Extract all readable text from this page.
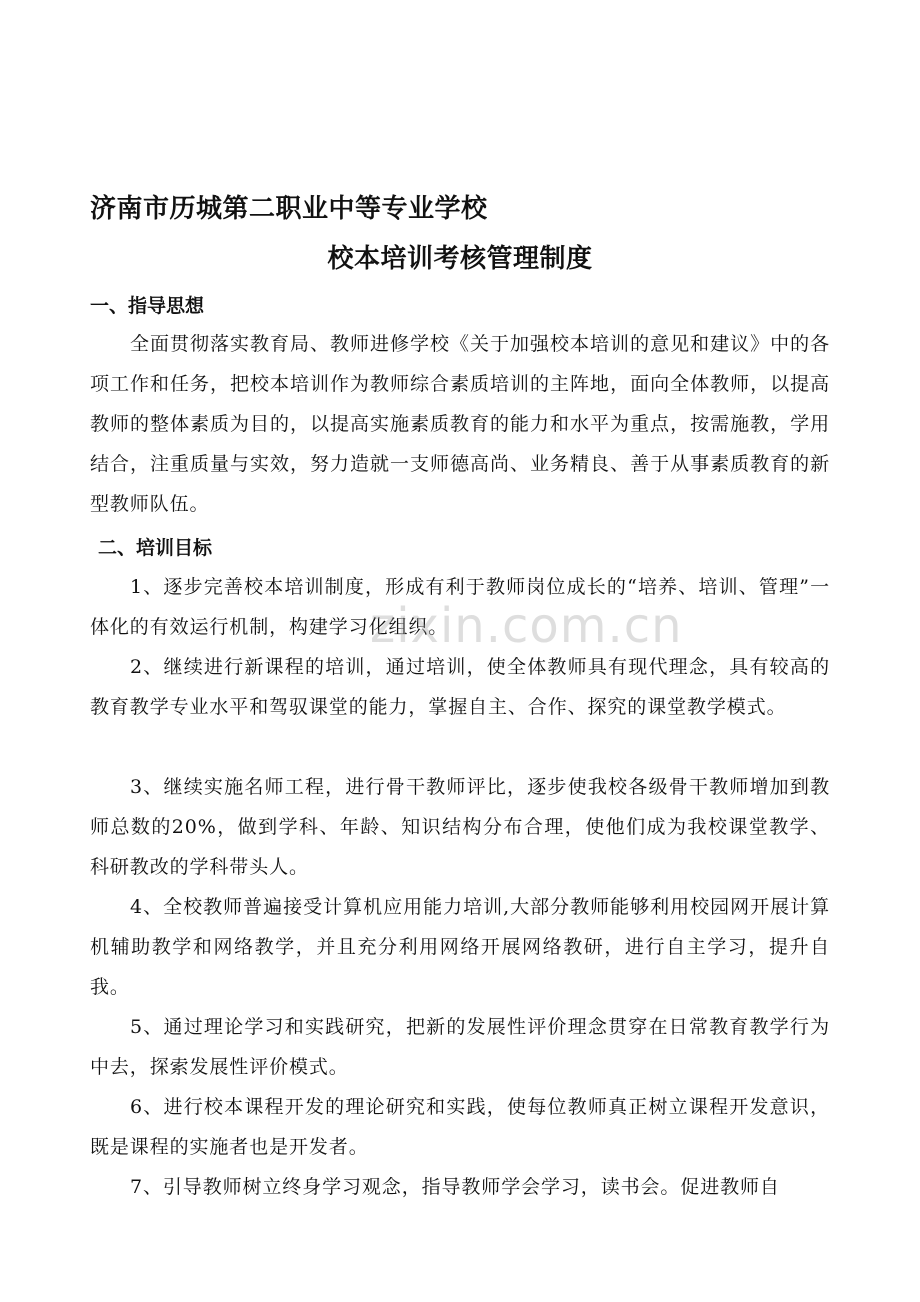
济南市历城第二职业中等专业学校
校本培训考核管理制度
一、指导思想

全面贯彻落实教育局、教师进修学校《关于加强校本培训的意见和建议》中的各项工作和任务，把校本培训作为教师综合素质培训的主阵地，面向全体教师，以提高教师的整体素质为目的，以提高实施素质教育的能力和水平为重点，按需施教，学用结合，注重质量与实效，努力造就一支师德高尚、业务精良、善于从事素质教育的新型教师队伍。

二、培训目标

1、逐步完善校本培训制度，形成有利于教师岗位成长的“培养、培训、管理”一体化的有效运行机制，构建学习化组织。

2、继续进行新课程的培训，通过培训，使全体教师具有现代理念，具有较高的教育教学专业水平和驾驭课堂的能力，掌握自主、合作、探究的课堂教学模式。

3、继续实施名师工程，进行骨干教师评比，逐步使我校各级骨干教师增加到教师总数的20%，做到学科、年龄、知识结构分布合理，使他们成为我校课堂教学、科研教改的学科带头人。

4、全校教师普遍接受计算机应用能力培训,大部分教师能够利用校园网开展计算机辅助教学和网络教学，并且充分利用网络开展网络教研，进行自主学习，提升自我。

5、通过理论学习和实践研究，把新的发展性评价理念贯穿在日常教育教学行为中去，探索发展性评价模式。

6、进行校本课程开发的理论研究和实践，使每位教师真正树立课程开发意识，既是课程的实施者也是开发者。

7、引导教师树立终身学习观念，指导教师学会学习，读书会。促进教师自

zixin.com.cn
